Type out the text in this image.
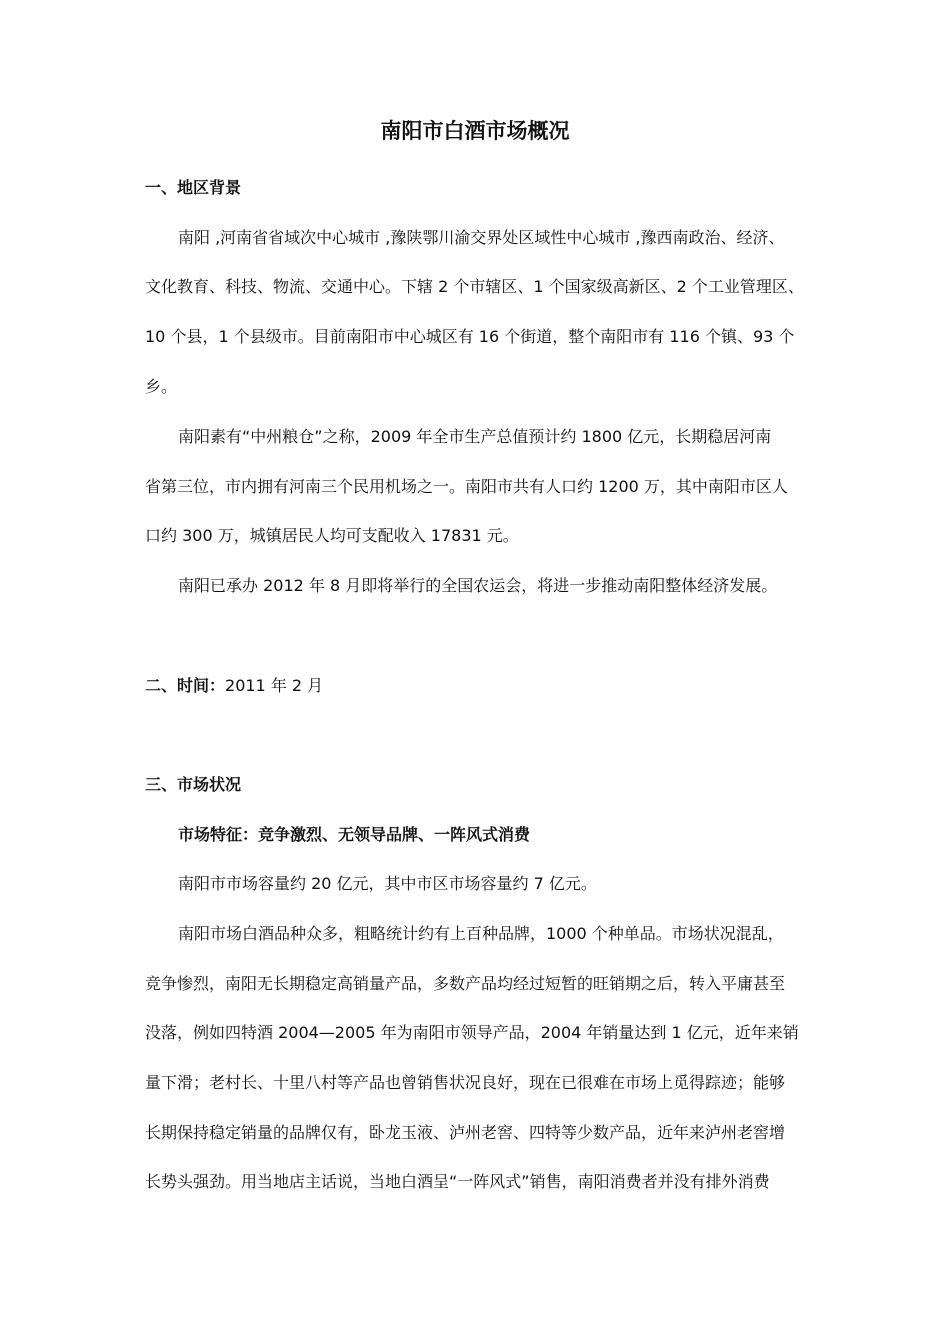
南阳市白酒市场概况

一、地区背景

南阳 ,河南省省域次中心城市 ,豫陕鄂川渝交界处区域性中心城市 ,豫西南政治、经济、

文化教育、科技、物流、交通中心。下辖 2 个市辖区、1 个国家级高新区、2 个工业管理区、

10 个县，1 个县级市。目前南阳市中心城区有 16 个街道，整个南阳市有 116 个镇、93 个

乡。

南阳素有“中州粮仓”之称，2009 年全市生产总值预计约 1800 亿元，长期稳居河南

省第三位，市内拥有河南三个民用机场之一。南阳市共有人口约 1200 万，其中南阳市区人

口约 300 万，城镇居民人均可支配收入 17831 元。

南阳已承办 2012 年 8 月即将举行的全国农运会，将进一步推动南阳整体经济发展。

二、时间：2011 年 2 月

三、市场状况

市场特征：竞争激烈、无领导品牌、一阵风式消费

南阳市市场容量约 20 亿元，其中市区市场容量约 7 亿元。

南阳市场白酒品种众多，粗略统计约有上百种品牌，1000 个种单品。市场状况混乱，

竞争惨烈，南阳无长期稳定高销量产品，多数产品均经过短暂的旺销期之后，转入平庸甚至

没落，例如四特酒 2004—2005 年为南阳市领导产品，2004 年销量达到 1 亿元，近年来销

量下滑；老村长、十里八村等产品也曾销售状况良好，现在已很难在市场上觅得踪迹；能够

长期保持稳定销量的品牌仅有，卧龙玉液、泸州老窖、四特等少数产品，近年来泸州老窖增

长势头强劲。用当地店主话说，当地白酒呈“一阵风式”销售，南阳消费者并没有排外消费
